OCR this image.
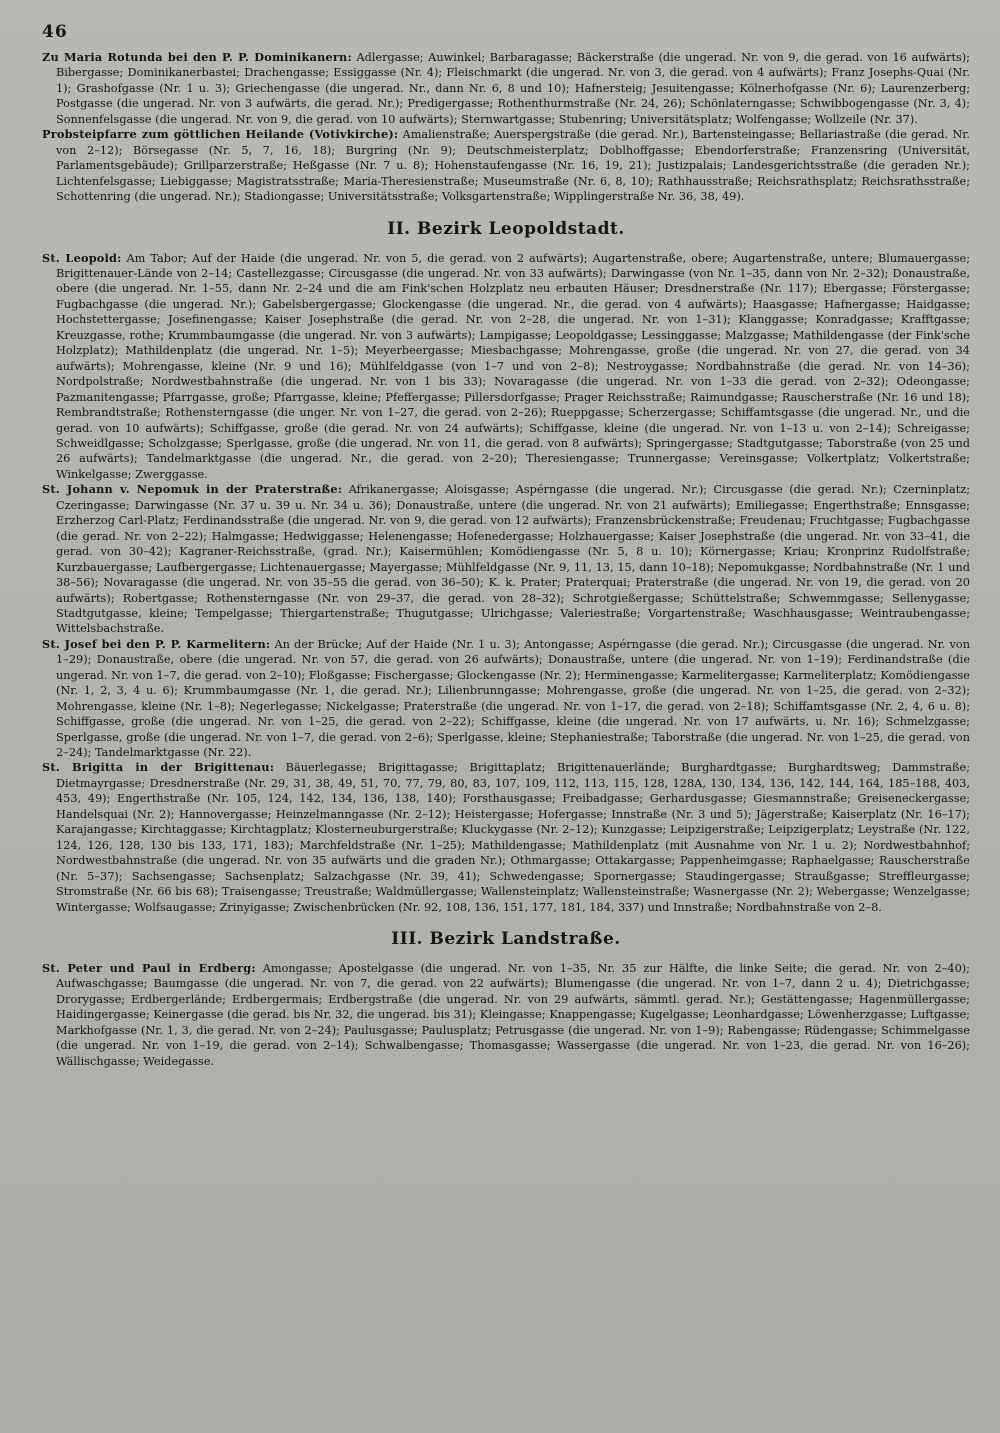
46

Zu Maria Rotunda bei den P. P. Dominikanern: Adlergasse; Auwinkel; Barbaragasse; Bäckerstraße (die ungerad. Nr. von 9, die gerad. von 16 aufwärts); Bibergasse; Dominikanerbastei; Drachengasse; Essiggasse (Nr. 4); Fleischmarkt (die ungerad. Nr. von 3, die gerad. von 4 aufwärts); Franz Josephs-Quai (Nr. 1); Grashofgasse (Nr. 1 u. 3); Griechengasse (die ungerad. Nr., dann Nr. 6, 8 und 10); Hafnersteig; Jesuitengasse; Kölnerhofgasse (Nr. 6); Laurenzerberg; Postgasse (die ungerad. Nr. von 3 aufwärts, die gerad. Nr.); Predigergasse; Rothenthurmstraße (Nr. 24, 26); Schönlaterngasse; Schwibbogengasse (Nr. 3, 4); Sonnenfelsgasse (die ungerad. Nr. von 9, die gerad. von 10 aufwärts); Sternwartgasse; Stubenring; Universitätsplatz; Wolfengasse; Wollzeile (Nr. 37).

Probsteipfarre zum göttlichen Heilande (Votivkirche): Amalienstraße; Auerspergstraße (die gerad. Nr.), Bartensteingasse; Bellariastraße (die gerad. Nr. von 2–12); Börsegasse (Nr. 5, 7, 16, 18); Burgring (Nr. 9); Deutschmeisterplatz; Doblhoffgasse; Ebendorferstraße; Franzensring (Universität, Parlamentsgebäude); Grillparzerstraße; Heßgasse (Nr. 7 u. 8); Hohenstaufengasse (Nr. 16, 19, 21); Justizpalais; Landesgerichtsstraße (die geraden Nr.); Lichtenfelsgasse; Liebiggasse; Magistratsstraße; Maria-Theresienstraße; Museumstraße (Nr. 6, 8, 10); Rathhausstraße; Reichsrathsplatz; Reichsrathsstraße; Schottenring (die ungerad. Nr.); Stadiongasse; Universitätsstraße; Volksgartenstraße; Wipplingerstraße Nr. 36, 38, 49).

II. Bezirk Leopoldstadt.

St. Leopold: Am Tabor; Auf der Haide (die ungerad. Nr. von 5, die gerad. von 2 aufwärts); Augartenstraße, obere; Augartenstraße, untere; Blumauergasse; Brigittenauer-Lände von 2–14; Castellezgasse; Circusgasse (die ungerad. Nr. von 33 aufwärts); Darwingasse (von Nr. 1–35, dann von Nr. 2–32); Donaustraße, obere (die ungerad. Nr. 1–55, dann Nr. 2–24 und die am Fink'schen Holzplatz neu erbauten Häuser; Dresdnerstraße (Nr. 117); Ebergasse; Förstergasse; Fugbachgasse (die ungerad. Nr.); Gabelsbergergasse; Glockengasse (die ungerad. Nr., die gerad. von 4 aufwärts); Haasgasse; Hafnergasse; Haidgasse; Hochstettergasse; Josefinengasse; Kaiser Josephstraße (die gerad. Nr. von 2–28, die ungerad. Nr. von 1–31); Klanggasse; Konradgasse; Krafftgasse; Kreuzgasse, rothe; Krummbaumgasse (die ungerad. Nr. von 3 aufwärts); Lampigasse; Leopoldgasse; Lessinggasse; Malzgasse; Mathildengasse (der Fink'sche Holzplatz); Mathildenplatz (die ungerad. Nr. 1–5); Meyerbeergasse; Miesbachgasse; Mohrengasse, große (die ungerad. Nr. von 27, die gerad. von 34 aufwärts); Mohrengasse, kleine (Nr. 9 und 16); Mühlfeldgasse (von 1–7 und von 2–8); Nestroygasse; Nordbahnstraße (die gerad. Nr. von 14–36); Nordpolstraße; Nordwestbahnstraße (die ungerad. Nr. von 1 bis 33); Novaragasse (die ungerad. Nr. von 1–33 die gerad. von 2–32); Odeongasse; Pazmanitengasse; Pfarrgasse, große; Pfarrgasse, kleine; Pfeffergasse; Pillersdorfgasse; Prager Reichsstraße; Raimundgasse; Rauscherstraße (Nr. 16 und 18); Rembrandtstraße; Rothensterngasse (die unger. Nr. von 1–27, die gerad. von 2–26); Rueppgasse; Scherzergasse; Schiffamtsgasse (die ungerad. Nr., und die gerad. von 10 aufwärts); Schiffgasse, große (die gerad. Nr. von 24 aufwärts); Schiffgasse, kleine (die ungerad. Nr. von 1–13 u. von 2–14); Schreigasse; Schweidlgasse; Scholzgasse; Sperlgasse, große (die ungerad. Nr. von 11, die gerad. von 8 aufwärts); Springergasse; Stadtgutgasse; Taborstraße (von 25 und 26 aufwärts); Tandelmarktgasse (die ungerad. Nr., die gerad. von 2–20); Theresiengasse; Trunnergasse; Vereinsgasse; Volkertplatz; Volkertstraße; Winkelgasse; Zwerggasse.

St. Johann v. Nepomuk in der Praterstraße: Afrikanergasse; Aloisgasse; Aspérngasse (die ungerad. Nr.); Circusgasse (die gerad. Nr.); Czerninplatz; Czeringasse; Darwingasse (Nr. 37 u. 39 u. Nr. 34 u. 36); Donaustraße, untere (die ungerad. Nr. von 21 aufwärts); Emiliegasse; Engerthstraße; Ennsgasse; Erzherzog Carl-Platz; Ferdinandsstraße (die ungerad. Nr. von 9, die gerad. von 12 aufwärts); Franzensbrückenstraße; Freudenau; Fruchtgasse; Fugbachgasse (die gerad. Nr. von 2–22); Halmgasse; Hedwiggasse; Helenengasse; Hofenedergasse; Holzhauergasse; Kaiser Josephstraße (die ungerad. Nr. von 33–41, die gerad. von 30–42); Kagraner-Reichsstraße, (grad. Nr.); Kaisermühlen; Komödiengasse (Nr. 5, 8 u. 10); Körnergasse; Kriau; Kronprinz Rudolfstraße; Kurzbauergasse; Laufbergergasse; Lichtenauergasse; Mayergasse; Mühlfeldgasse (Nr. 9, 11, 13, 15, dann 10–18); Nepomukgasse; Nordbahnstraße (Nr. 1 und 38–56); Novaragasse (die ungerad. Nr. von 35–55 die gerad. von 36–50); K. k. Prater; Praterquai; Praterstraße (die ungerad. Nr. von 19, die gerad. von 20 aufwärts); Robertgasse; Rothensterngasse (Nr. von 29–37, die gerad. von 28–32); Schrotgießergasse; Schüttelstraße; Schwemmgasse; Sellenygasse; Stadtgutgasse, kleine; Tempelgasse; Thiergartenstraße; Thugutgasse; Ulrichgasse; Valeriestraße; Vorgartenstraße; Waschhausgasse; Weintraubengasse; Wittelsbachstraße.

St. Josef bei den P. P. Karmelitern: An der Brücke; Auf der Haide (Nr. 1 u. 3); Antongasse; Aspérngasse (die gerad. Nr.); Circusgasse (die ungerad. Nr. von 1–29); Donaustraße, obere (die ungerad. Nr. von 57, die gerad. von 26 aufwärts); Donaustraße, untere (die ungerad. Nr. von 1–19); Ferdinandstraße (die ungerad. Nr. von 1–7, die gerad. von 2–10); Floßgasse; Fischergasse; Glockengasse (Nr. 2); Herminengasse; Karmelitergasse; Karmeliterplatz; Komödiengasse (Nr. 1, 2, 3, 4 u. 6); Krummbaumgasse (Nr. 1, die gerad. Nr.); Lilienbrunngasse; Mohrengasse, große (die ungerad. Nr. von 1–25, die gerad. von 2–32); Mohrengasse, kleine (Nr. 1–8); Negerlegasse; Nickelgasse; Praterstraße (die ungerad. Nr. von 1–17, die gerad. von 2–18); Schiffamtsgasse (Nr. 2, 4, 6 u. 8); Schiffgasse, große (die ungerad. Nr. von 1–25, die gerad. von 2–22); Schiffgasse, kleine (die ungerad. Nr. von 17 aufwärts, u. Nr. 16); Schmelzgasse; Sperlgasse, große (die ungerad. Nr. von 1–7, die gerad. von 2–6); Sperlgasse, kleine; Stephaniestraße; Taborstraße (die ungerad. Nr. von 1–25, die gerad. von 2–24); Tandelmarktgasse (Nr. 22).

St. Brigitta in der Brigittenau: Bäuerlegasse; Brigittagasse; Brigittaplatz; Brigittenauerlände; Burghardtgasse; Burghardtsweg; Dammstraße; Dietmayrgasse; Dresdnerstraße (Nr. 29, 31, 38, 49, 51, 70, 77, 79, 80, 83, 107, 109, 112, 113, 115, 128, 128A, 130, 134, 136, 142, 144, 164, 185–188, 403, 453, 49); Engerthstraße (Nr. 105, 124, 142, 134, 136, 138, 140); Forsthausgasse; Freibadgasse; Gerhardusgasse; Giesmannstraße; Greiseneckergasse; Handelsquai (Nr. 2); Hannovergasse; Heinzelmanngasse (Nr. 2–12); Heistergasse; Hofergasse; Innstraße (Nr. 3 und 5); Jägerstraße; Kaiserplatz (Nr. 16–17); Karajangasse; Kirchtaggasse; Kirchtagplatz; Klosterneuburgerstraße; Kluckygasse (Nr. 2–12); Kunzgasse; Leipzigerstraße; Leipzigerplatz; Leystraße (Nr. 122, 124, 126, 128, 130 bis 133, 171, 183); Marchfeldstraße (Nr. 1–25); Mathildengasse; Mathildenplatz (mit Ausnahme von Nr. 1 u. 2); Nordwestbahnhof; Nordwestbahnstraße (die ungerad. Nr. von 35 aufwärts und die graden Nr.); Othmargasse; Ottakargasse; Pappenheimgasse; Raphaelgasse; Rauscherstraße (Nr. 5–37); Sachsengasse; Sachsenplatz; Salzachgasse (Nr. 39, 41); Schwedengasse; Spornergasse; Staudingergasse; Straußgasse; Streffleurgasse; Stromstraße (Nr. 66 bis 68); Traisengasse; Treustraße; Waldmüllergasse; Wallensteinplatz; Wallensteinstraße; Wasnergasse (Nr. 2); Webergasse; Wenzelgasse; Wintergasse; Wolfsaugasse; Zrinyigasse; Zwischenbrücken (Nr. 92, 108, 136, 151, 177, 181, 184, 337) und Innstraße; Nordbahnstraße von 2–8.

III. Bezirk Landstraße.

St. Peter und Paul in Erdberg: Amongasse; Apostelgasse (die ungerad. Nr. von 1–35, Nr. 35 zur Hälfte, die linke Seite; die gerad. Nr. von 2–40); Aufwaschgasse; Baumgasse (die ungerad. Nr. von 7, die gerad. von 22 aufwärts); Blumengasse (die ungerad. Nr. von 1–7, dann 2 u. 4); Dietrichgasse; Drorygasse; Erdbergerlände; Erdbergermais; Erdbergstraße (die ungerad. Nr. von 29 aufwärts, sämmtl. gerad. Nr.); Gestättengasse; Hagenmüllergasse; Haidingergasse; Keinergasse (die gerad. bis Nr. 32, die ungerad. bis 31); Kleingasse; Knappengasse; Kugelgasse; Leonhardgasse; Löwenherzgasse; Luftgasse; Markhofgasse (Nr. 1, 3, die gerad. Nr. von 2–24); Paulusgasse; Paulusplatz; Petrusgasse (die ungerad. Nr. von 1–9); Rabengasse; Rüdengasse; Schimmelgasse (die ungerad. Nr. von 1–19, die gerad. von 2–14); Schwalbengasse; Thomasgasse; Wassergasse (die ungerad. Nr. von 1–23, die gerad. Nr. von 16–26); Wällischgasse; Weidegasse.
